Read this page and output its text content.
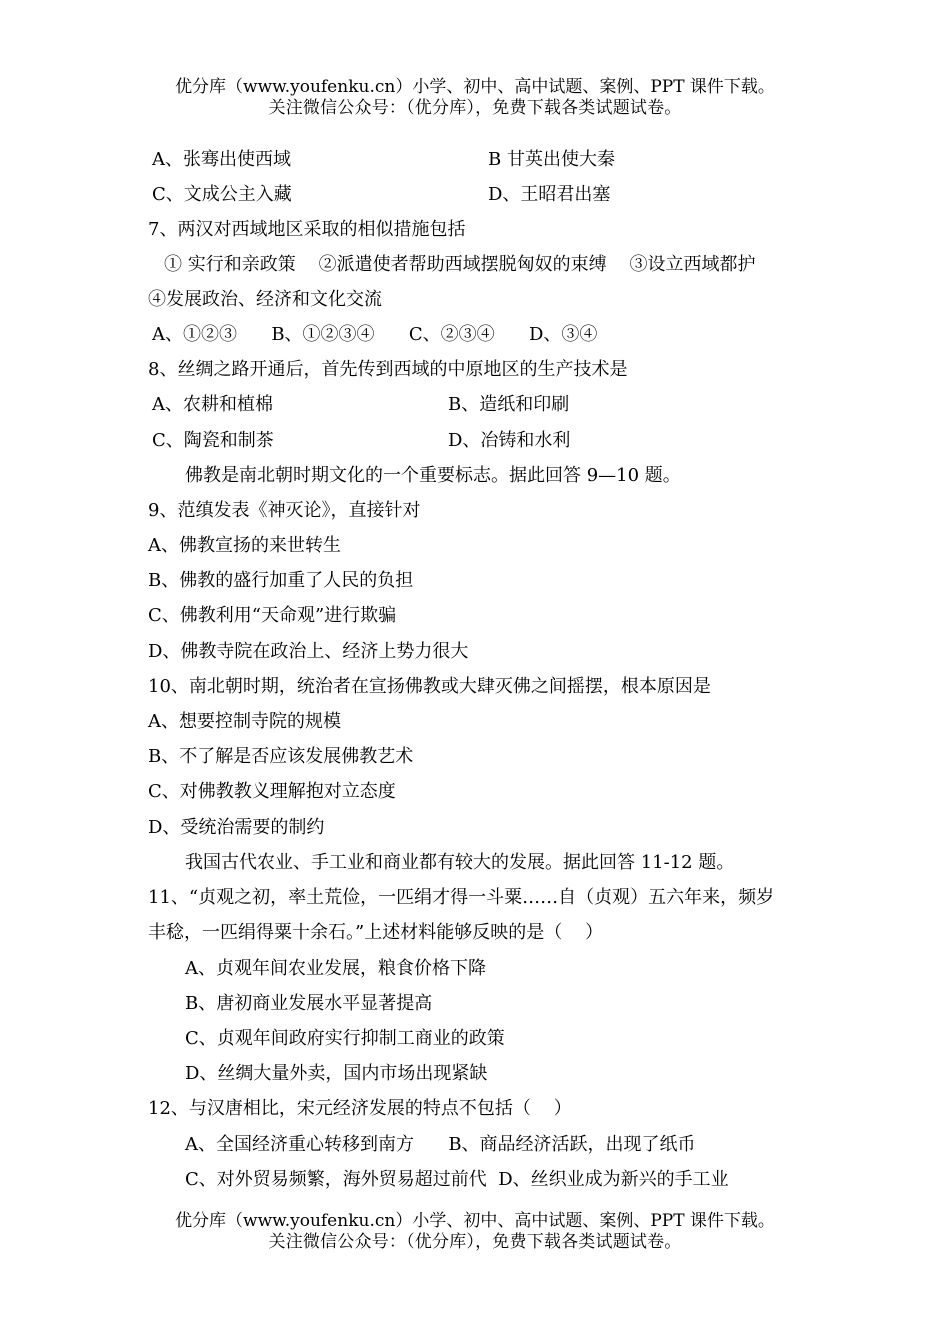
优分库（www.youfenku.cn）小学、初中、高中试题、案例、PPT 课件下载。
关注微信公众号：（优分库），免费下载各类试题试卷。
A、张骞出使西域	B 甘英出使大秦
C、文成公主入藏	D、王昭君出塞
7、两汉对西域地区采取的相似措施包括
① 实行和亲政策    ②派遣使者帮助西域摆脱匈奴的束缚    ③设立西域都护
④发展政治、经济和文化交流
A、①②③      B、①②③④      C、②③④      D、③④
8、丝绸之路开通后，首先传到西域的中原地区的生产技术是
A、农耕和植棉	B、造纸和印刷
C、陶瓷和制茶	D、冶铸和水利
佛教是南北朝时期文化的一个重要标志。据此回答 9—10 题。
9、范缜发表《神灭论》，直接针对
A、佛教宣扬的来世转生
B、佛教的盛行加重了人民的负担
C、佛教利用“天命观”进行欺骗
D、佛教寺院在政治上、经济上势力很大
10、南北朝时期，统治者在宣扬佛教或大肆灭佛之间摇摆，根本原因是
A、想要控制寺院的规模
B、不了解是否应该发展佛教艺术
C、对佛教教义理解抱对立态度
D、受统治需要的制约
我国古代农业、手工业和商业都有较大的发展。据此回答 11-12 题。
11、“贞观之初，率土荒俭，一匹绢才得一斗粟……自（贞观）五六年来，频岁
丰稔，一匹绢得粟十余石。”上述材料能够反映的是（    ）
A、贞观年间农业发展，粮食价格下降
B、唐初商业发展水平显著提高
C、贞观年间政府实行抑制工商业的政策
D、丝绸大量外卖，国内市场出现紧缺
12、与汉唐相比，宋元经济发展的特点不包括（    ）
A、全国经济重心转移到南方      B、商品经济活跃，出现了纸币
C、对外贸易频繁，海外贸易超过前代  D、丝织业成为新兴的手工业
优分库（www.youfenku.cn）小学、初中、高中试题、案例、PPT 课件下载。
关注微信公众号：（优分库），免费下载各类试题试卷。
